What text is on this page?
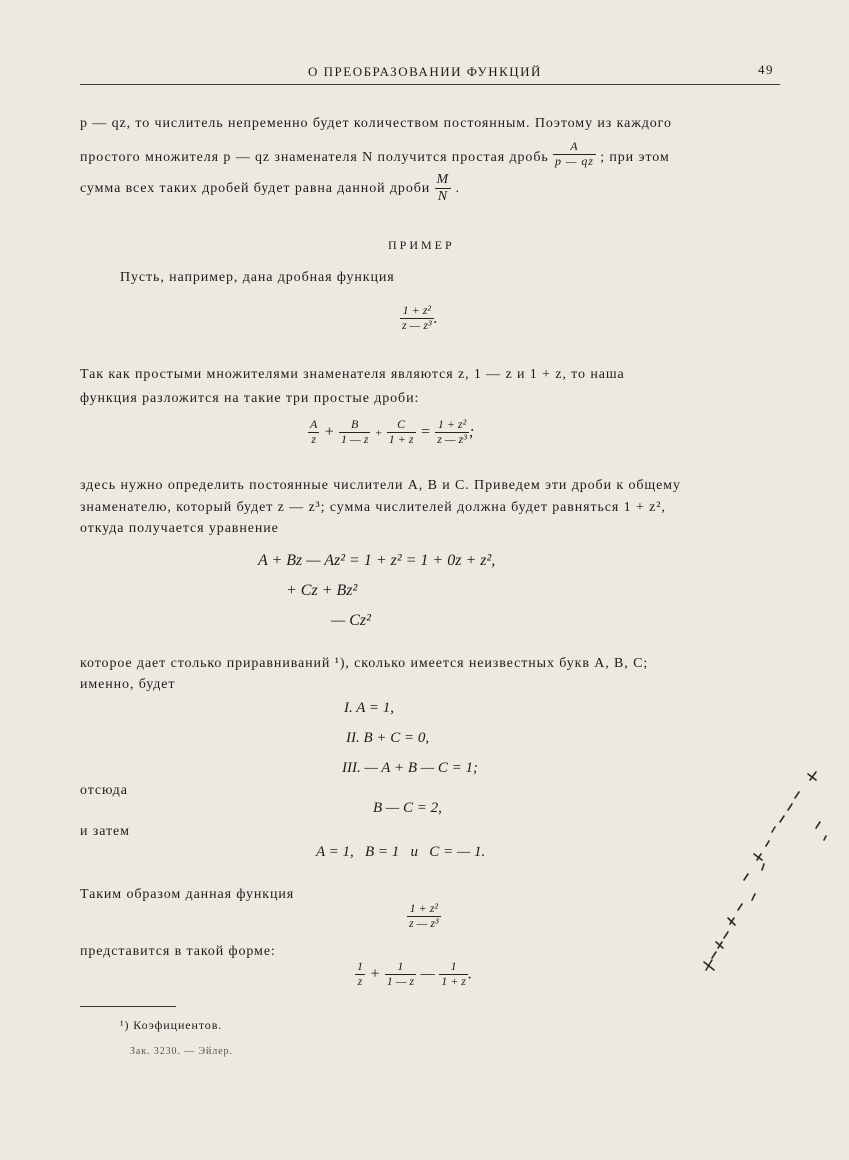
О ПРЕОБРАЗОВАНИИ ФУНКЦИЙ	49
p — qz, то числитель непременно будет количеством постоянным. Поэтому из каждого
простого множителя p — qz знаменателя N получится простая дробь $\frac{A}{p — qz}$ ; при этом
сумма всех таких дробей будет равна данной дроби $\frac{M}{N}$ .
ПРИМЕР
Пусть, например, дана дробная функция
$\frac{\text{1 + z²}}{\text{z — z³}}$ .
Так как простыми множителями знаменателя являются z, 1 — z и 1 + z, то наша
функция разложится на такие три простые дроби:
$\frac{A}{z} + \frac{B}{1 — z} + \frac{C}{1 + z} = \frac{\text{1 + z²}}{\text{z — z³}}$ ;
здесь нужно определить постоянные числители A, B и C. Приведем эти дроби к общему
знаменателю, который будет z — z³; сумма числителей должна будет равняться 1 + z²,
откуда получается уравнение
A + Bz — Az² = 1 + z² = 1 + 0z + z²,
+ Cz + Bz²
— Cz²
которое дает столько приравниваний ¹), сколько имеется неизвестных букв A, B, C;
именно, будет
I. A = 1,
II. B + C = 0,
III. — A + B — C = 1;
отсюда
B — C = 2,
и затем
A = 1,   B = 1   и   C = — 1.
Таким образом данная функция
$\frac{\text{1 + z²}}{\text{z — z³}}$
представится в такой форме:
$\frac{1}{z} + \frac{1}{1 — z}$ — $\frac{1}{1 + z}$ .
¹) Коэфициентов.
Зак. 3230. — Эйлер.
